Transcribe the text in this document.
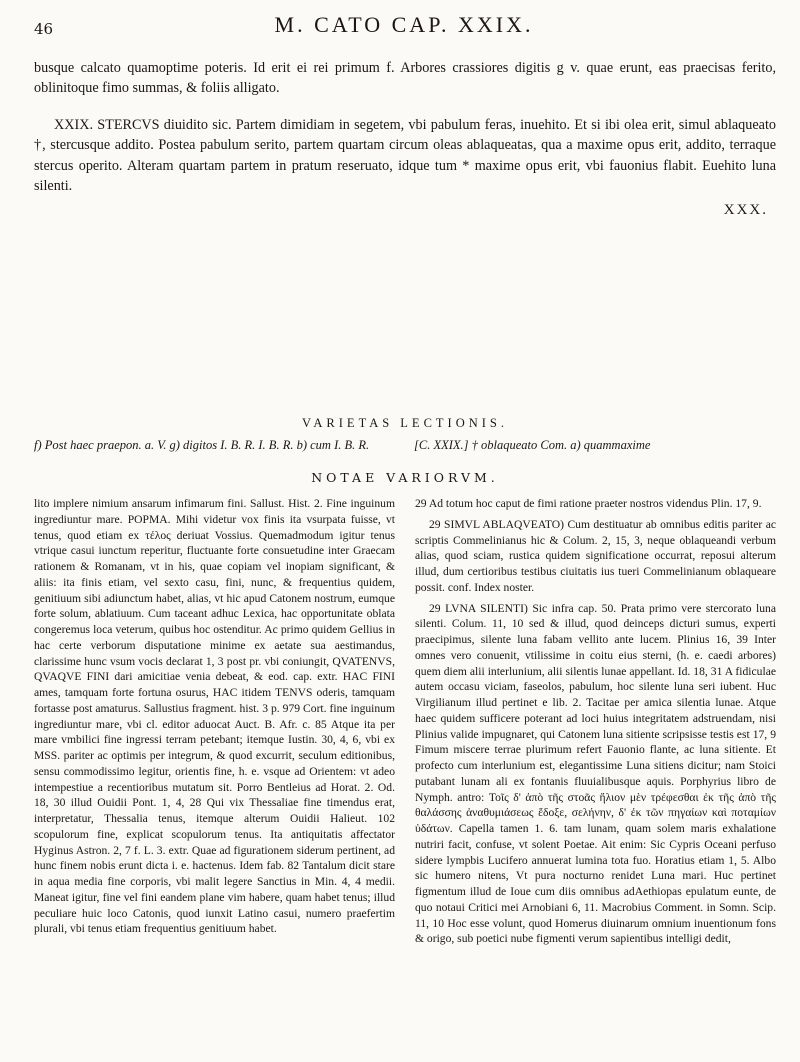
46	M. CATO CAP. XXIX.

busque calcato quamoptime poteris. Id erit ei rei primum f. Arbores crassiores digitis g v. quae erunt, eas praecisas ferito, oblinitoque fimo summas, & foliis alligato.

XXIX. STERCVS diuidito sic. Partem dimidiam in segetem, vbi pabulum feras, inuehito. Et si ibi olea erit, simul ablaqueato †, stercusque addito. Postea pabulum serito, partem quartam circum oleas ablaqueatas, qua a maxime opus erit, addito, terraque stercus operito. Alteram quartam partem in pratum reseruato, idque tum * maxime opus erit, vbi fauonius flabit. Euehito luna silenti.

XXX.
VARIETAS LECTIONIS.
f) Post haec praepon. a. V. g) digitos I. B. R. I. B. R. b) cum I. B. R.	[C. XXIX.] † oblaqueato Com. a) quammaxime
NOTAE VARIORVM.

lito implere nimium ansarum infimarum fini. Sallust. Hist. 2. Fine inguinum ingrediuntur mare. POPMA. Mihi videtur vox finis ita vsurpata fuisse, vt tenus, quod etiam ex τέλος deriuat Vossius. Quemadmodum igitur tenus vtrique casui iunctum reperitur, fluctuante forte consuetudine inter Graecam rationem & Romanam, vt in his, quae copiam vel inopiam significant, & aliis: ita finis etiam, vel sexto casu, fini, nunc, & frequentius quidem, genitiuum sibi adiunctum habet, alias, vt hic apud Catonem nostrum, eumque forte solum, ablatiuum. Cum taceant adhuc Lexica, hac opportunitate oblata congeremus loca veterum, quibus hoc ostenditur. Ac primo quidem Gellius in hac certe verborum disputatione minime ex aetate sua aestimandus, clarissime hunc vsum vocis declarat 1, 3 post pr. vbi coniungit, QVATENVS, QVAQVE FINI dari amicitiae venia debeat, & eod. cap. extr. HAC FINI ames, tamquam forte fortuna osurus, HAC itidem TENVS oderis, tamquam fortasse post amaturus. Sallustius fragment. hist. 3 p. 979 Cort. fine inguinum ingrediuntur mare, vbi cl. editor aduocat Auct. B. Afr. c. 85 Atque ita per mare vmbilici fine ingressi terram petebant; itemque Iustin. 30, 4, 6, vbi ex MSS. pariter ac optimis per integrum, & quod excurrit, seculum editionibus, sensu commodissimo legitur, orientis fine, h. e. vsque ad Orientem: vt adeo intempestiue a recentioribus mutatum sit. Porro Bentleius ad Horat. 2. Od. 18, 30 illud Ouidii Pont. 1, 4, 28 Qui vix Thessaliae fine timendus erat, interpretatur, Thessalia tenus, itemque alterum Ouidii Halieut. 102 scopulorum fine, explicat scopulorum tenus. Ita antiquitatis affectator Hyginus Astron. 2, 7 f. L. 3. extr. Quae ad figurationem siderum pertinent, ad hunc finem nobis erunt dicta i. e. hactenus. Idem fab. 82 Tantalum dicit stare in aqua media fine corporis, vbi malit legere Sanctius in Min. 4, 4 medii. Maneat igitur, fine vel fini eandem plane vim habere, quam habet tenus; illud peculiare huic loco Catonis, quod iunxit Latino casui, numero praefertim plurali, vbi tenus etiam frequentius genitiuum habet.

29 Ad totum hoc caput de fimi ratione praeter nostros videndus Plin. 17, 9.

29 SIMVL ABLAQVEATO) Cum destituatur ab omnibus editis pariter ac scriptis Commelinianus hic & Colum. 2, 15, 3, neque oblaqueandi verbum alias, quod sciam, rustica quidem significatione occurrat, reposui alterum illud, dum certioribus testibus ciuitatis ius tueri Commelinianum oblaqueare possit. conf. Index noster.

29 LVNA SILENTI) Sic infra cap. 50. Prata primo vere stercorato luna silenti. Colum. 11, 10 sed & illud, quod deinceps dicturi sumus, experti praecipimus, silente luna fabam vellito ante lucem. Plinius 16, 39 Inter omnes vero conuenit, vtilissime in coitu eius sterni, (h. e. caedi arbores) quem diem alii interlunium, alii silentis lunae appellant. Id. 18, 31 A fidiculae autem occasu viciam, faseolos, pabulum, hoc silente luna seri iubent. Huc Virgilianum illud pertinet e lib. 2. Tacitae per amica silentia lunae. Atque haec quidem sufficere poterant ad loci huius integritatem adstruendam, nisi Plinius valide impugnaret, qui Catonem luna sitiente scripsisse testis est 17, 9 Fimum miscere terrae plurimum refert Fauonio flante, ac luna sitiente. Et profecto cum interlunium est, elegantissime Luna sitiens dicitur; nam Stoici putabant lunam ali ex fontanis fluuialibusque aquis. Porphyrius libro de Nymph. antro: Τοῖς δ' ἀπὸ τῆς στοᾶς ἥλιον μὲν τρέφεσθαι ἐκ τῆς ἀπὸ τῆς θαλάσσης ἀναθυμιάσεως ἔδοξε, σελήνην, δ' ἐκ τῶν πηγαίων καὶ ποταμίων ὑδάτων. Capella tamen 1. 6. tam lunam, quam solem maris exhalatione nutriri facit, confuse, vt solent Poetae. Ait enim: Sic Cypris Oceani perfuso sidere lympbis Lucifero annuerat lumina tota fuo. Horatius etiam 1, 5. Albo sic humero nitens, Vt pura nocturno renidet Luna mari. Huc pertinet figmentum illud de Ioue cum diis omnibus adAethiopas epulatum eunte, de quo notaui Critici mei Arnobiani 6, 11. Macrobius Comment. in Somn. Scip. 11, 10 Hoc esse volunt, quod Homerus diuinarum omnium inuentionum fons & origo, sub poetici nube figmenti verum sapientibus intelligi dedit,
